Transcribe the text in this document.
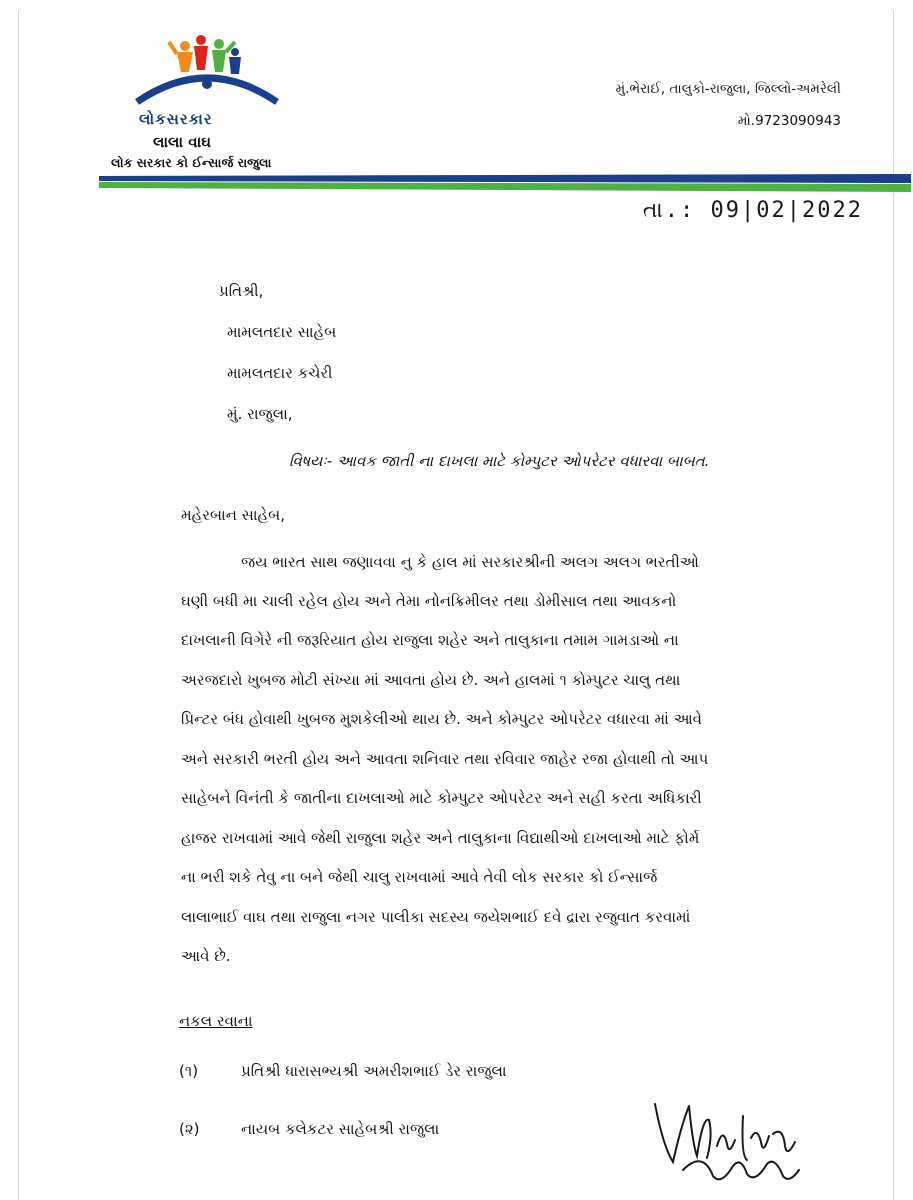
લોકસરકાર
લાલા વાઘ
લોક સરકાર કો ઈન્સાર્જ રાજુલા
મું.ભેરાઈ, તાલુકો-રાજુલા, જિલ્લો-અમરેલી
મો.9723090943
તા.: 09|02|2022
પ્રતિશ્રી,
મામલતદાર સાહેબ
મામલતદાર કચેરી
મું. રાજુલા,
વિષયઃ- આવક જાતી ના દાખલા માટે કોમ્પુટર ઓપરેટર વધારવા બાબત.
મહેરબાન સાહેબ,
જય ભારત સાથ જણાવવા નુ કે હાલ માં સરકારશ્રીની અલગ અલગ ભરતીઓ
ઘણી બધી મા ચાલી રહેલ હોય અને તેમા નોનક્રિમીલર તથા ડોમીસાલ તથા આવકનો
દાખલાની વિગેરે ની જરૂરિયાત હોય રાજુલા શહેર અને તાલુકાના તમામ ગામડાઓ ના
અરજદારો ખુબજ મોટી સંખ્યા માં આવતા હોય છે. અને હાલમાં ૧ કોમ્પુટર ચાલુ તથા
પ્રિન્ટર બંધ હોવાથી ખુબજ મુશકેલીઓ થાય છે. અને કોમ્પુટર ઓપરેટર વધારવા માં આવે
અને સરકારી ભરતી હોય અને આવતા શનિવાર તથા રવિવાર જાહેર રજા હોવાથી તો આપ
સાહેબને વિનંતી કે જાતીના દાખલાઓ માટે કોમ્પુટર ઓપરેટર અને સહી કરતા અધિકારી
હાજર રાખવામાં આવે જેથી રાજુલા શહેર અને તાલુકાના વિદ્યાથીઓ દાખલાઓ માટે ફોર્મ
ના ભરી શકે તેવુ ના બને જેથી ચાલુ રાખવામાં આવે તેવી લોક સરકાર કો ઈન્સાર્જ
લાલાભાઈ વાઘ તથા રાજુલા નગર પાલીકા સદસ્ય જયેશભાઈ દવે દ્રારા રજુવાત કરવામાં
આવે છે.
નકલ રવાના
(૧)	પ્રતિશ્રી ધારાસભ્યશ્રી અમરીશભાઈ ડેર રાજુલા
(૨)	નાયબ કલેકટર સાહેબશ્રી રાજુલા
